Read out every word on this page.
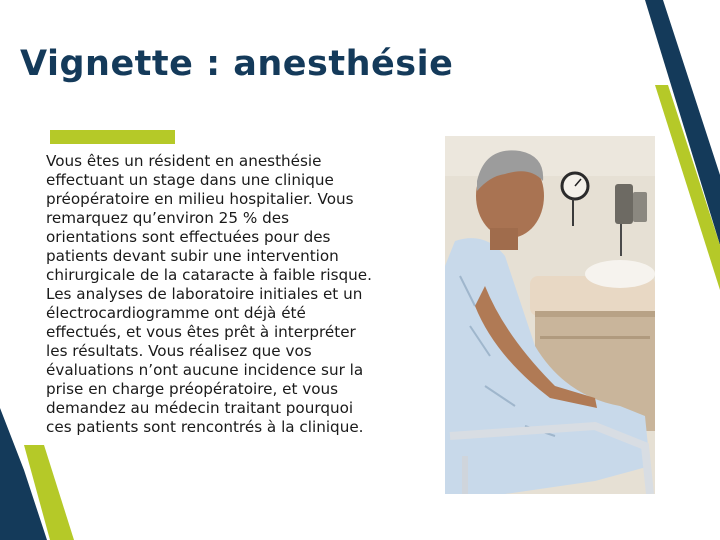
Vignette : anesthésie

Vous êtes un résident en anesthésie
effectuant un stage dans une clinique
préopératoire en milieu hospitalier. Vous
remarquez qu’environ 25 % des
orientations sont effectuées pour des
patients devant subir une intervention
chirurgicale de la cataracte à faible risque.
Les analyses de laboratoire initiales et un
électrocardiogramme ont déjà été
effectués, et vous êtes prêt à interpréter
les résultats. Vous réalisez que vos
évaluations n’ont aucune incidence sur la
prise en charge préopératoire, et vous
demandez au médecin traitant pourquoi
ces patients sont rencontrés à la clinique.
